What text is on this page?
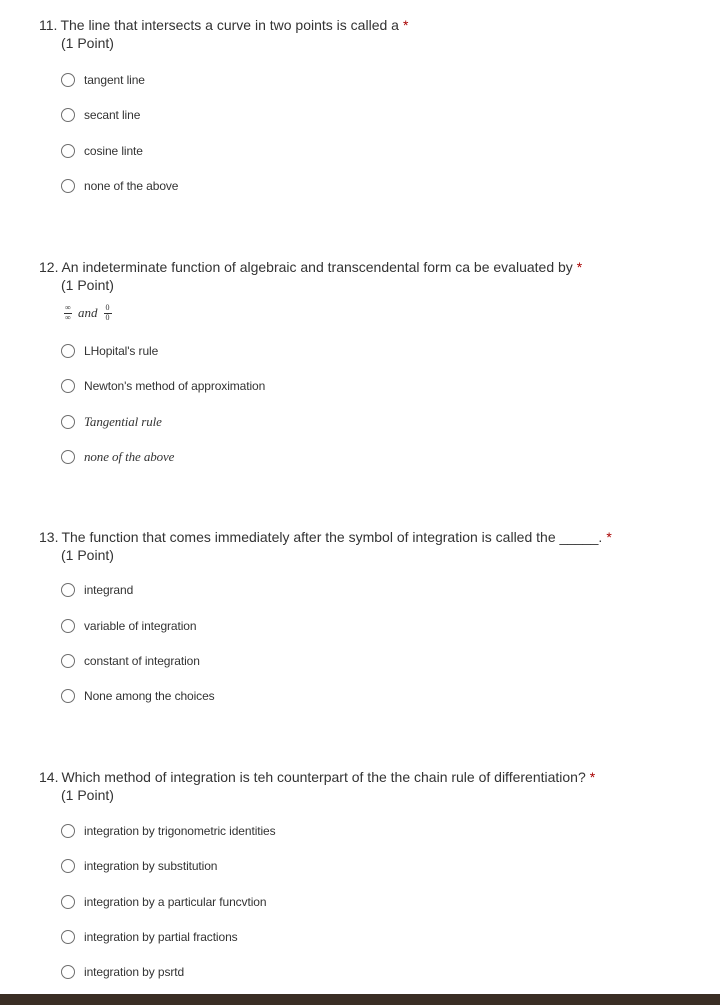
11. The line that intersects a curve in two points is called a *
(1 Point)
tangent line
secant line
cosine linte
none of the above
12. An indeterminate function of algebraic and transcendental form ca be evaluated by *
(1 Point)
$\frac{\infty}{\infty}$ and $\frac{0}{0}$
LHopital's rule
Newton's method of approximation
Tangential rule
none of the above
13. The function that comes immediately after the symbol of integration is called the _____. *
(1 Point)
integrand
variable of integration
constant of integration
None among the choices
14. Which method of integration is teh counterpart of the the chain rule of differentiation? *
(1 Point)
integration by trigonometric identities
integration by substitution
integration by a particular funcvtion
integration by partial fractions
integration by psrtd
